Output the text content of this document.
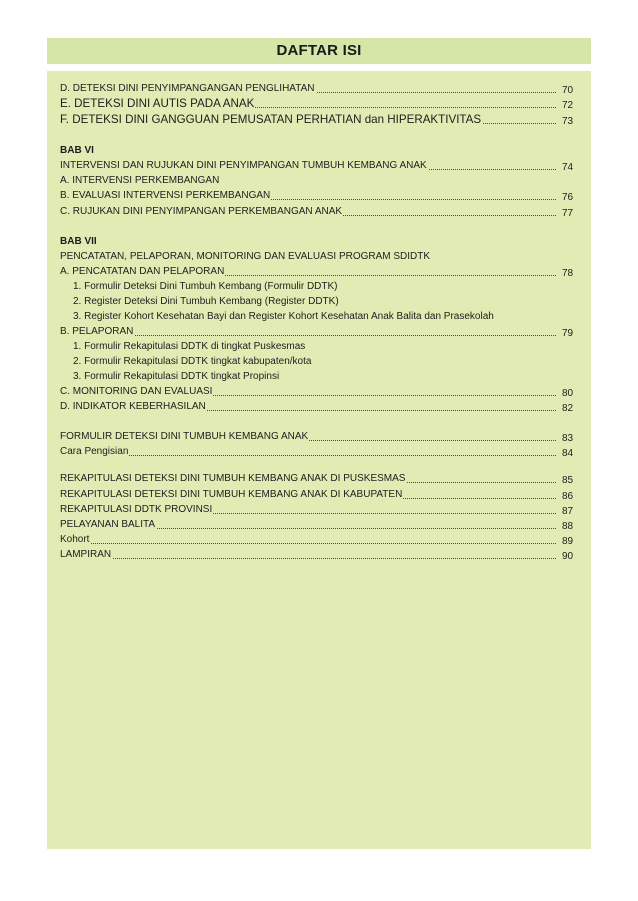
DAFTAR ISI
D. DETEKSI DINI PENYIMPANGANGAN PENGLIHATAN	70
E. DETEKSI DINI AUTIS PADA ANAK	72
F. DETEKSI DINI GANGGUAN PEMUSATAN PERHATIAN dan HIPERAKTIVITAS	73
BAB VI
INTERVENSI DAN RUJUKAN DINI PENYIMPANGAN TUMBUH KEMBANG ANAK	74
A. INTERVENSI PERKEMBANGAN
B. EVALUASI INTERVENSI PERKEMBANGAN	76
C. RUJUKAN DINI PENYIMPANGAN PERKEMBANGAN ANAK	77
BAB VII
PENCATATAN, PELAPORAN, MONITORING DAN EVALUASI PROGRAM SDIDTK
A. PENCATATAN DAN PELAPORAN	78
1. Formulir Deteksi Dini Tumbuh Kembang (Formulir DDTK)
2. Register Deteksi Dini Tumbuh Kembang (Register DDTK)
3. Register Kohort Kesehatan Bayi dan Register Kohort Kesehatan Anak Balita dan Prasekolah
B. PELAPORAN	79
1. Formulir Rekapitulasi DDTK di tingkat Puskesmas
2. Formulir Rekapitulasi DDTK tingkat kabupaten/kota
3. Formulir Rekapitulasi DDTK tingkat Propinsi
C. MONITORING DAN EVALUASI	80
D. INDIKATOR KEBERHASILAN	82
FORMULIR DETEKSI DINI TUMBUH KEMBANG ANAK	83
Cara Pengisian	84
REKAPITULASI DETEKSI DINI TUMBUH KEMBANG ANAK DI PUSKESMAS	85
REKAPITULASI DETEKSI DINI TUMBUH KEMBANG ANAK DI KABUPATEN	86
REKAPITULASI DDTK PROVINSI	87
PELAYANAN BALITA	88
Kohort	89
LAMPIRAN	90
